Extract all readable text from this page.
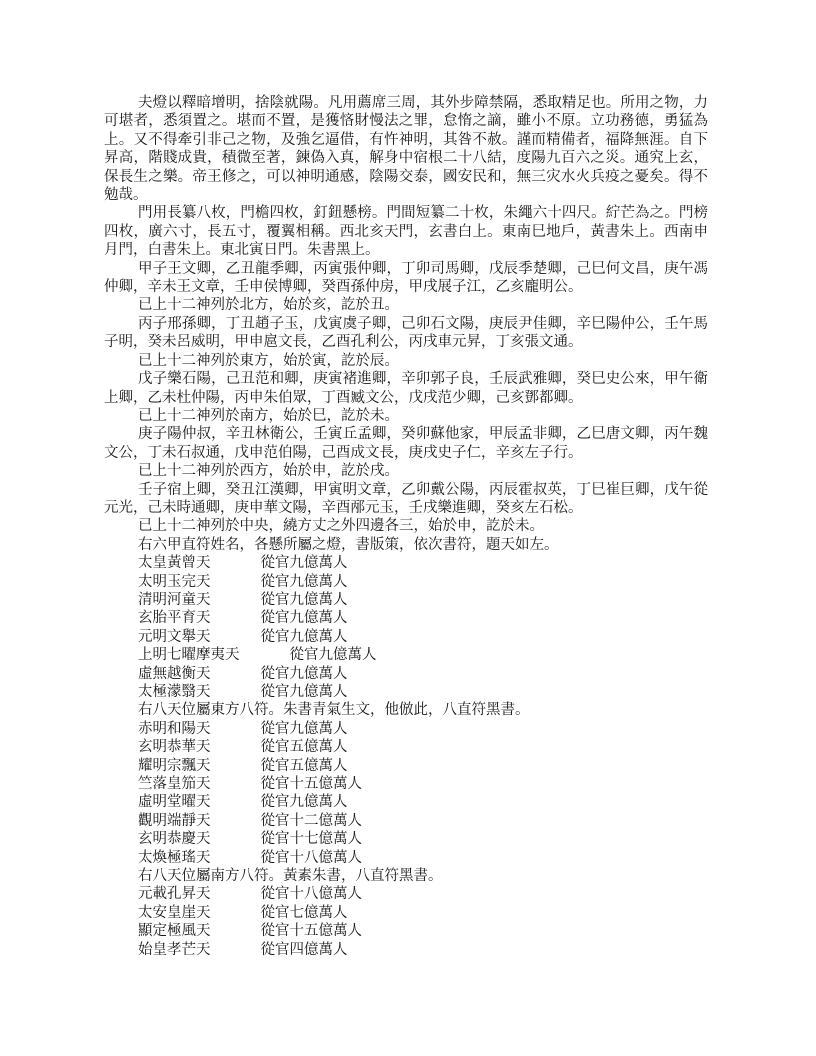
夫燈以釋暗增明，捨陰就陽。凡用薦席三周，其外步障禁隔，悉取精足也。所用之物，力可堪者，悉須置之。堪而不置，是獲悋財慢法之罪，怠惰之謫，雖小不原。立功務德，勇猛為上。又不得牽引非己之物，及強乞逼借，有忤神明，其咎不赦。謹而精備者，福降無涯。自下昇高，階賤成貴，積微至著，鍊偽入真，解身中宿根二十八結，度陽九百六之災。通究上玄，保長生之樂。帝王修之，可以神明通感，陰陽交泰，國安民和，無三灾水火兵疫之憂矣。得不勉哉。

門用長纂八枚，門檐四枚，釘鈕懸榜。門間短纂二十枚，朱繩六十四尺。紵芒為之。門榜四枚，廣六寸，長五寸，覆翼相稱。西北亥天門，玄書白上。東南巳地戶，黃書朱上。西南申月門，白書朱上。東北寅日門。朱書黑上。

甲子王文卿，乙丑龍季卿，丙寅張仲卿，丁卯司馬卿，戊辰季楚卿，己巳何文昌，庚午馮仲卿，辛未王文章，壬申侯博卿，癸酉孫仲房，甲戌展子江，乙亥龐明公。

已上十二神列於北方，始於亥，訖於丑。

丙子邢孫卿，丁丑趙子玉，戊寅虞子卿，己卯石文陽，庚辰尹佳卿，辛巳陽仲公，壬午馬子明，癸未呂威明，甲申扈文長，乙酉孔利公，丙戌車元昇，丁亥張文通。

已上十二神列於東方，始於寅，訖於辰。

戊子樂石陽，己丑范和卿，庚寅褚進卿，辛卯郭子良，壬辰武雅卿，癸巳史公來，甲午衛上卿，乙未杜仲陽，丙申朱伯眾，丁酉臧文公，戊戌范少卿，己亥鄧都卿。

已上十二神列於南方，始於巳，訖於未。

庚子陽仲叔，辛丑林衛公，壬寅丘孟卿，癸卯蘇他家，甲辰孟非卿，乙巳唐文卿，丙午魏文公，丁未石叔通，戊申范伯陽，己酉成文長，庚戌史子仁，辛亥左子行。

已上十二神列於西方，始於申，訖於戌。

壬子宿上卿，癸丑江漢卿，甲寅明文章，乙卯戴公陽，丙辰霍叔英，丁巳崔巨卿，戊午從元光，己未時通卿，庚申華文陽，辛酉邴元玉，壬戌樂進卿，癸亥左石松。

已上十二神列於中央，繞方丈之外四邊各三，始於申，訖於未。

右六甲直符姓名，各懸所屬之燈，書版策，依次書符，題天如左。

太皇黃曾天	從官九億萬人
太明玉完天	從官九億萬人
清明河童天	從官九億萬人
玄胎平育天	從官九億萬人
元明文舉天	從官九億萬人
上明七曜摩夷天	從官九億萬人
虛無越衡天	從官九億萬人
太極濛翳天	從官九億萬人

右八天位屬東方八符。朱書青氣生文，他倣此，八直符黑書。

赤明和陽天	從官九億萬人
玄明恭華天	從官五億萬人
耀明宗飄天	從官五億萬人
竺落皇笳天	從官十五億萬人
虛明堂曜天	從官九億萬人
觀明端靜天	從官十二億萬人
玄明恭慶天	從官十七億萬人
太煥極瑤天	從官十八億萬人

右八天位屬南方八符。黃素朱書，八直符黑書。

元載孔昇天	從官十八億萬人
太安皇崖天	從官七億萬人
顯定極風天	從官十五億萬人
始皇孝芒天	從官四億萬人
